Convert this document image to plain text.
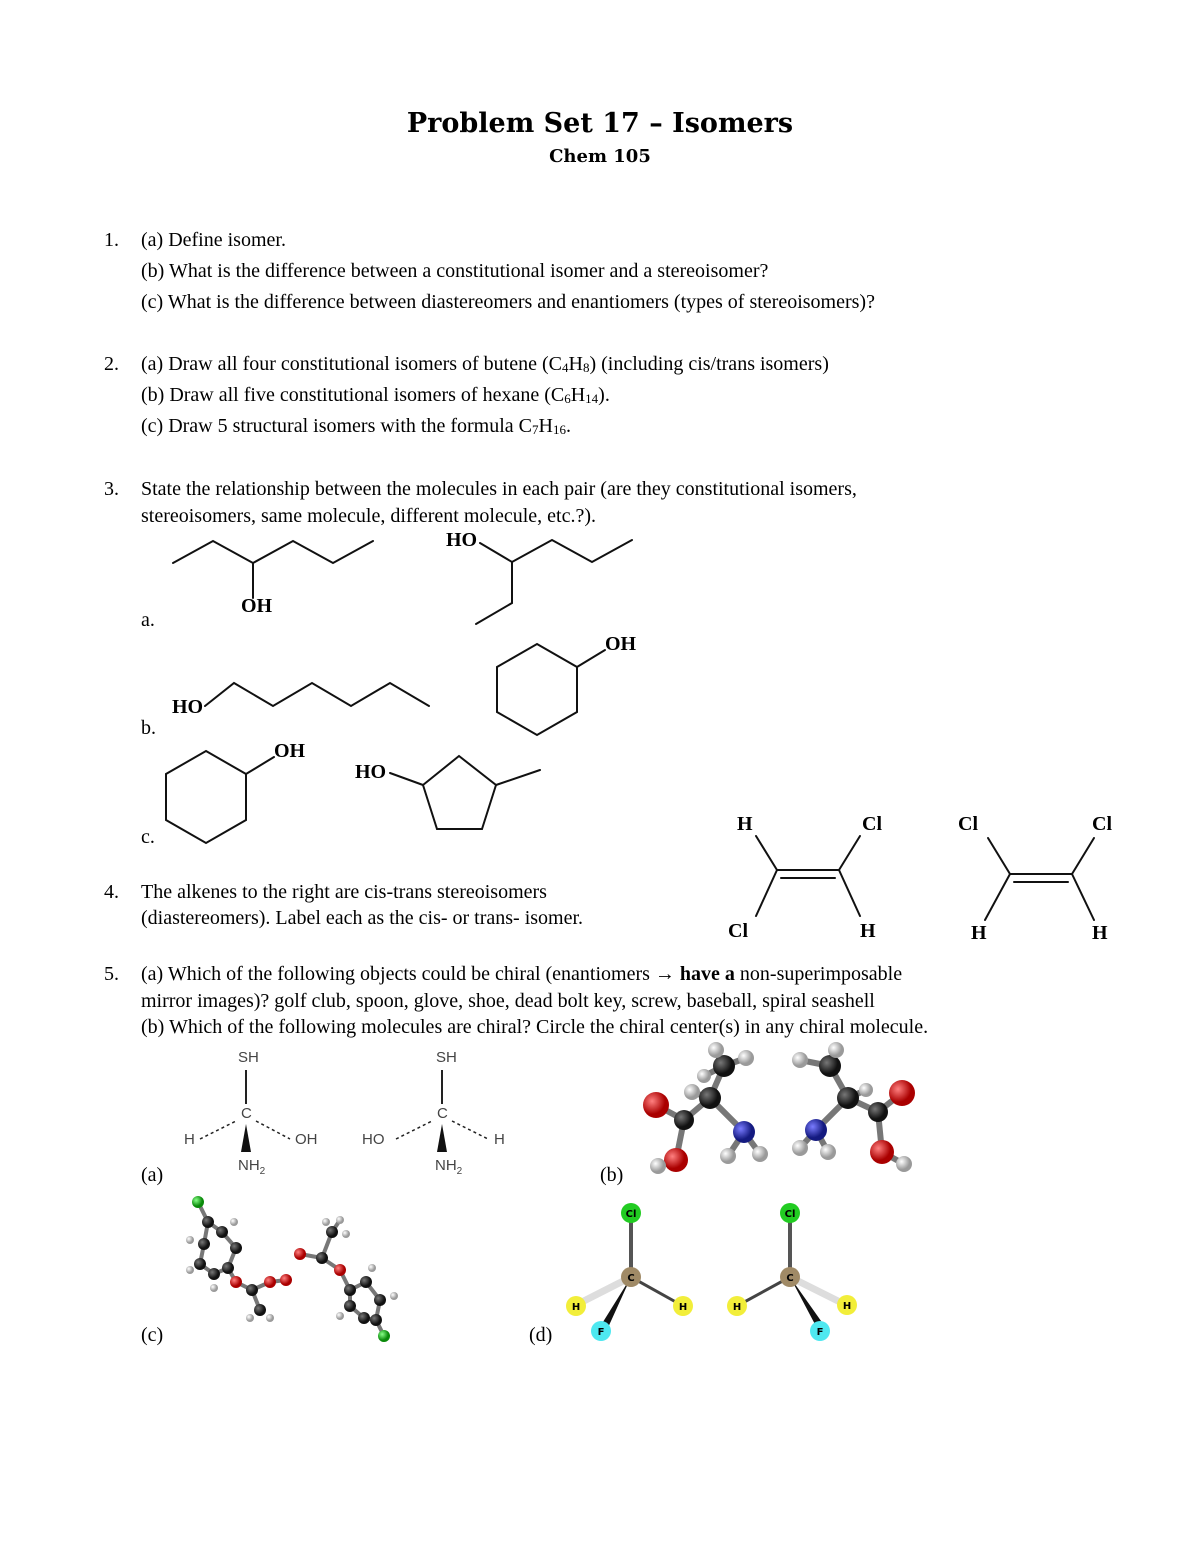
Problem Set 17 – Isomers
Chem 105
1. (a) Define isomer.
(b) What is the difference between a constitutional isomer and a stereoisomer?
(c) What is the difference between diastereomers and enantiomers (types of stereoisomers)?
2. (a) Draw all four constitutional isomers of butene $(C_4H_8)$ (including cis/trans isomers)
(b) Draw all five constitutional isomers of hexane $(C_6H_{14})$.
(c) Draw 5 structural isomers with the formula $C_7H_{16}$.
3. State the relationship between the molecules in each pair (are they constitutional isomers,
stereoisomers, same molecule, different molecule, etc.?).
a.
b.
c.
4. The alkenes to the right are cis-trans stereoisomers
(diastereomers). Label each as the cis- or trans- isomer.
5. (a) Which of the following objects could be chiral (enantiomers → have a non-superimposable
mirror images)? golf club, spoon, glove, shoe, dead bolt key, screw, baseball, spiral seashell
(b) Which of the following molecules are chiral? Circle the chiral center(s) in any chiral molecule.
(a)	(b)
(c)	(d)
OH
HO
HO
OH
OH
HO
H	Cl
Cl	H
Cl	Cl
H	H
SH
C
H	OH
$NH_2$
SH
C
HO	H
$NH_2$
Cl
C
H	H
F
Cl
C
H	H
F
